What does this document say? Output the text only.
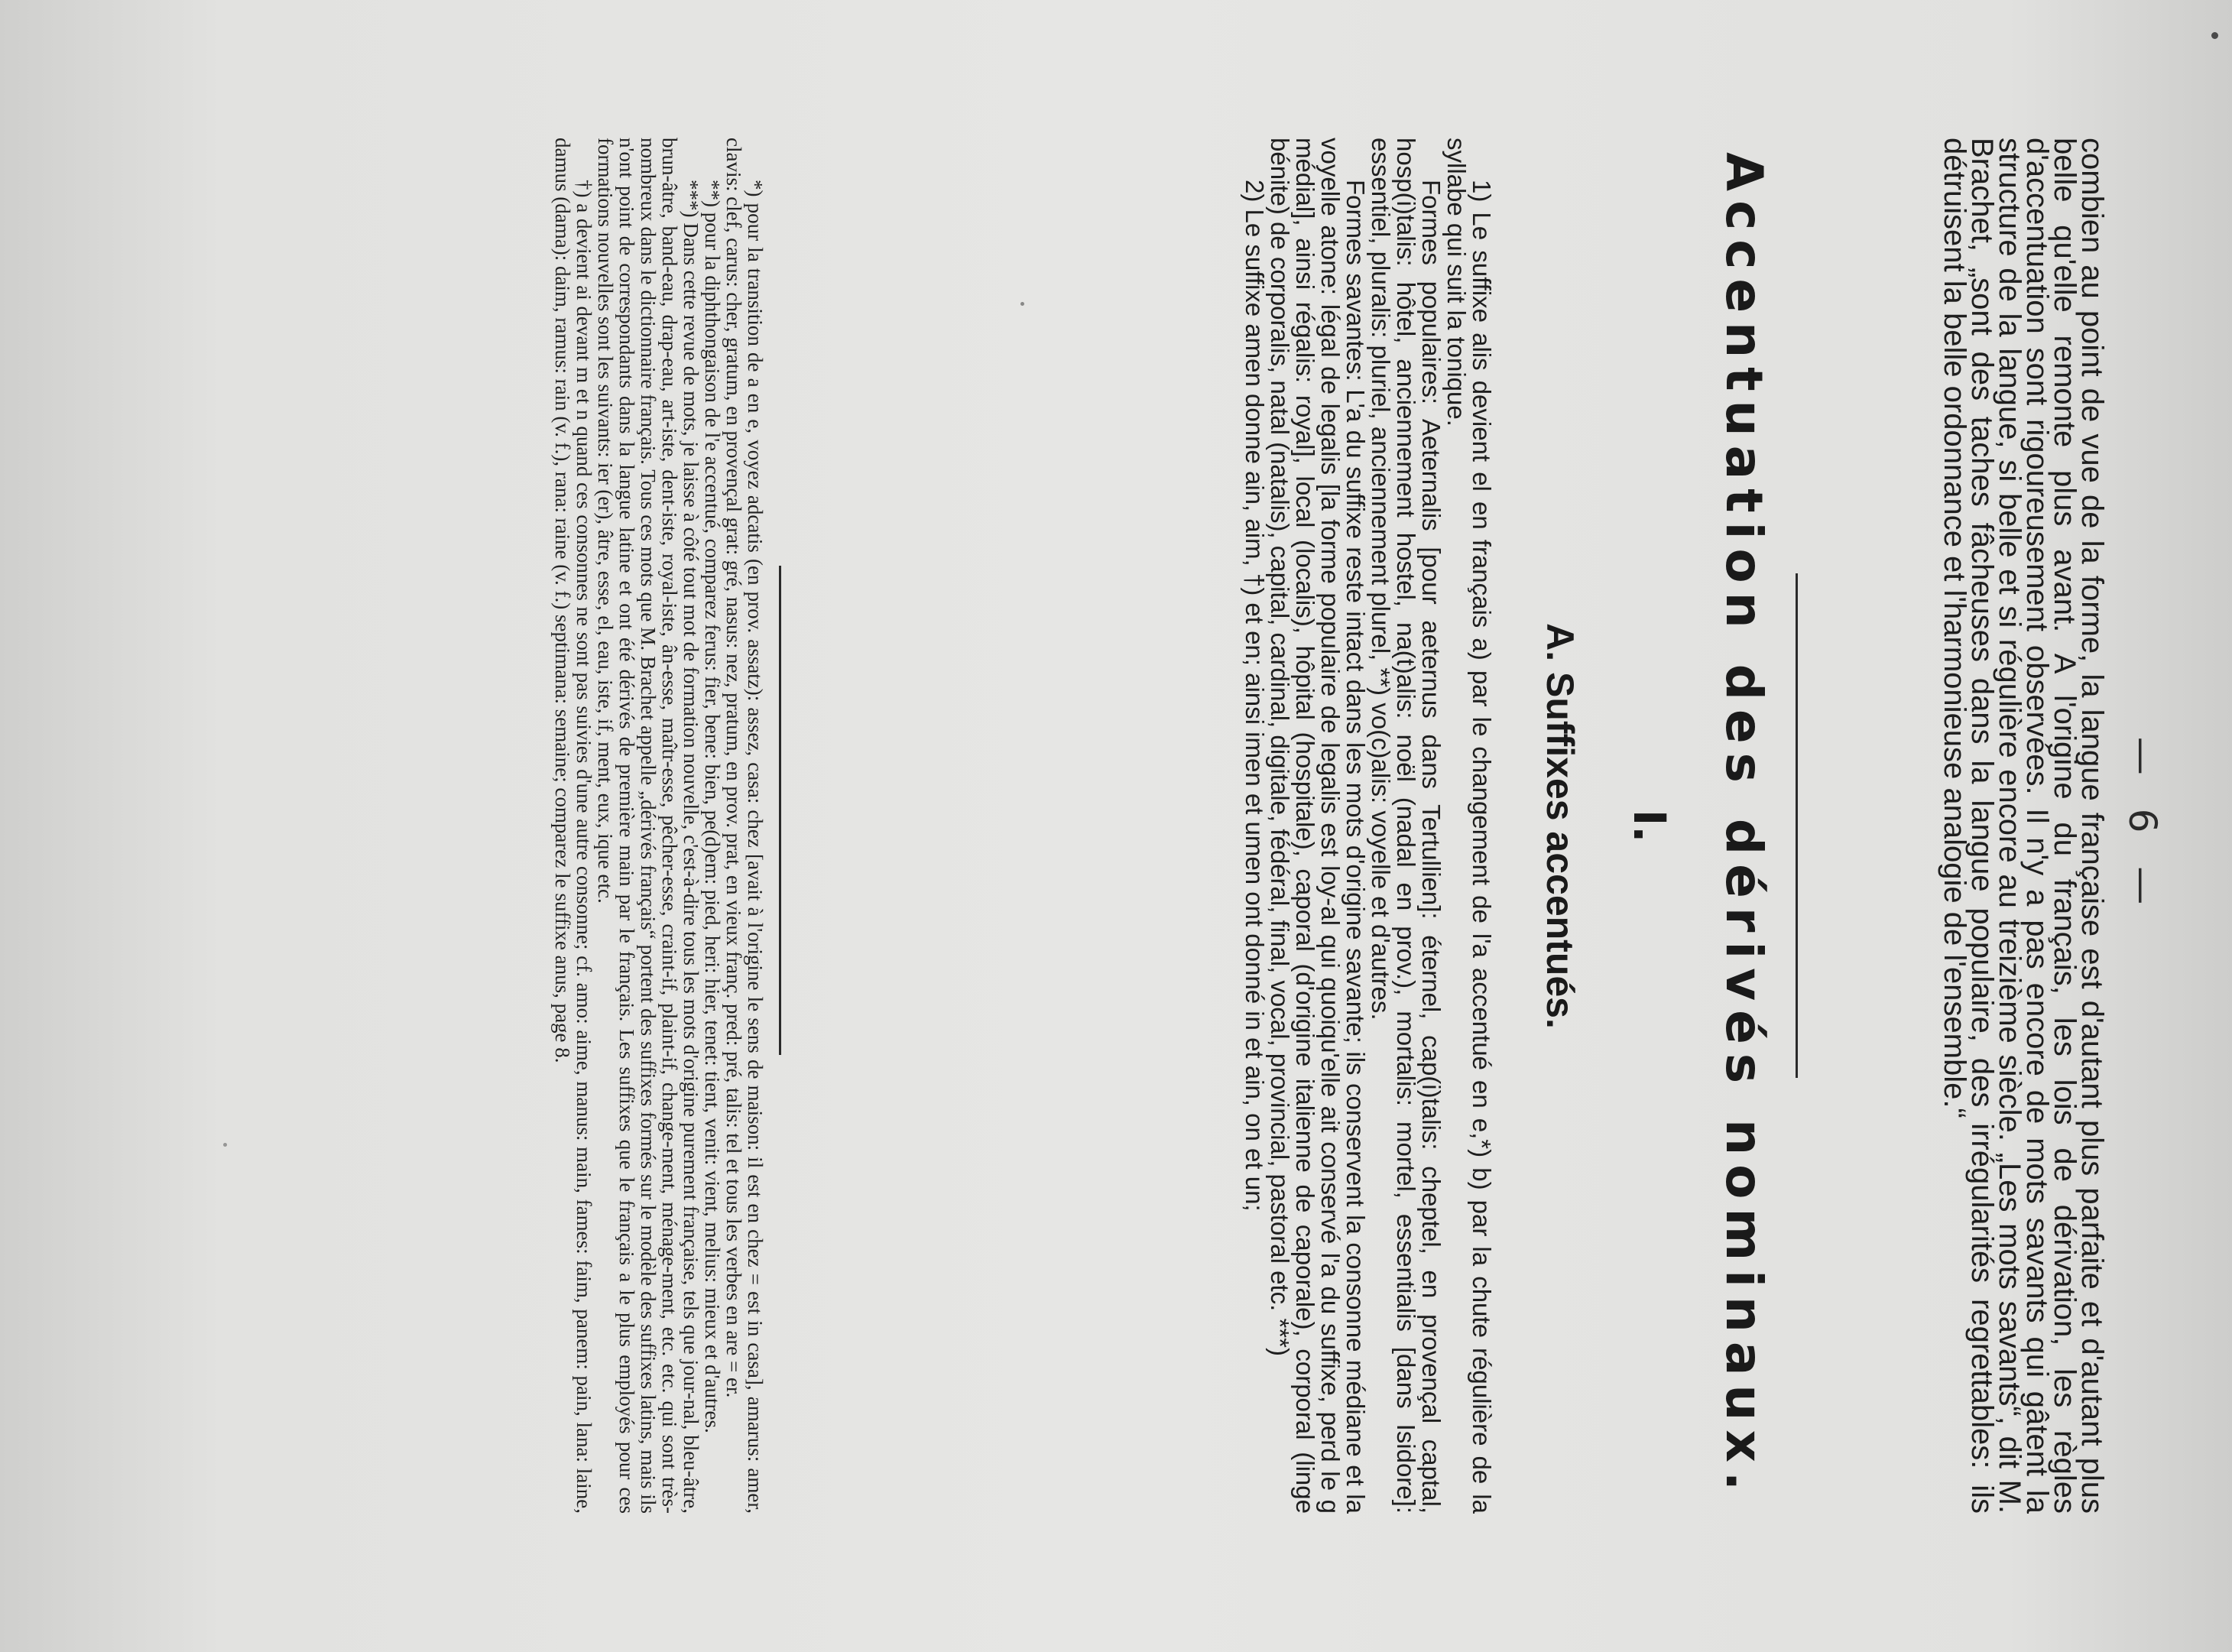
— 6 —

combien au point de vue de la forme, la langue française est d'autant plus parfaite et d'autant plus belle qu'elle remonte plus avant. A l'origine du français, les lois de dérivation, les règles d'accentuation sont rigoureusement observées. Il n'y a pas encore de mots savants qui gâtent la structure de la langue, si belle et si régulière encore au treizième siècle. „Les mots savants“, dit M. Brachet, „sont des taches fâcheuses dans la langue populaire, des irrégularités regrettables: ils détruisent la belle ordonnance et l'harmonieuse analogie de l'ensemble.“

Accentuation des dérivés nominaux.
I.
A. Suffixes accentués.

1) Le suffixe alis devient el en français a) par le changement de l'a accentué en e,*) b) par la chute régulière de la syllabe qui suit la tonique.

Formes populaires: Aeternalis [pour aeternus dans Tertullien]: éternel, cap(i)talis: cheptel, en provençal captal, hosp(i)talis: hôtel, anciennement hostel, na(t)alis: noël (nadal en prov.), mortalis: mortel, essentialis [dans Isidore]: essentiel, pluralis: pluriel, anciennement plurel, **) vo(c)alis: voyelle et d'autres.

Formes savantes: L'a du suffixe reste intact dans les mots d'origine savante; ils conservent la consonne médiane et la voyelle atone: légal de legalis [la forme populaire de legalis est loy-al qui quoiqu'elle ait conservé l'a du suffixe, perd le g médial], ainsi régalis: royal], local (localis), hôpital (hospitale), caporal (d'origine italienne de caporale), corporal (linge bénite) de corporalis, natal (natalis), capital, cardinal, digitale, fédéral, final, vocal, provincial, pastoral etc. ***)

2) Le suffixe amen donne ain, aim, †) et en; ainsi imen et umen ont donné in et ain, on et un;

*) pour la transition de a en e, voyez adcatis (en prov. assatz): assez, casa: chez [avait à l'origine le sens de maison: il est en chez = est in casa], amarus: amer, clavis: clef, carus: cher, gratum, en provençal grat: gré, nasus: nez, pratum, en prov. prat, en vieux franç. pred: pré, talis: tel et tous les verbes en are = er.

**) pour la diphthongaison de l'e accentué, comparez ferus: fier, bene: bien, pe(d)em: pied, heri: hier, tenet: tient, venit: vient, melius: mieux et d'autres.

***) Dans cette revue de mots, je laisse à côté tout mot de formation nouvelle, c'est-à-dire tous les mots d'origine purement française, tels que jour-nal, bleu-âtre, brun-âtre, band-eau, drap-eau, art-iste, dent-iste, royal-iste, ân-esse, maîtr-esse, pêcher-esse, craint-if, plaint-if, change-ment, ménage-ment, etc. etc. qui sont très-nombreux dans le dictionnaire français. Tous ces mots que M. Brachet appelle „dérivés français“ portent des suffixes formés sur le modèle des suffixes latins, mais ils n'ont point de correspondants dans la langue latine et ont été dérivés de première main par le français. Les suffixes que le français a le plus employés pour ces formations nouvelles sont les suivants: ier (er), âtre, esse, el, eau, iste, if, ment, eux, ique etc.

†) a devient ai devant m et n quand ces consonnes ne sont pas suivies d'une autre consonne; cf. amo: aime, manus: main, fames: faim, panem: pain, lana: laine, damus (dama): daim, ramus: rain (v. f.), rana: raine (v. f.) septimana: semaine; comparez le suffixe anus, page 8.
